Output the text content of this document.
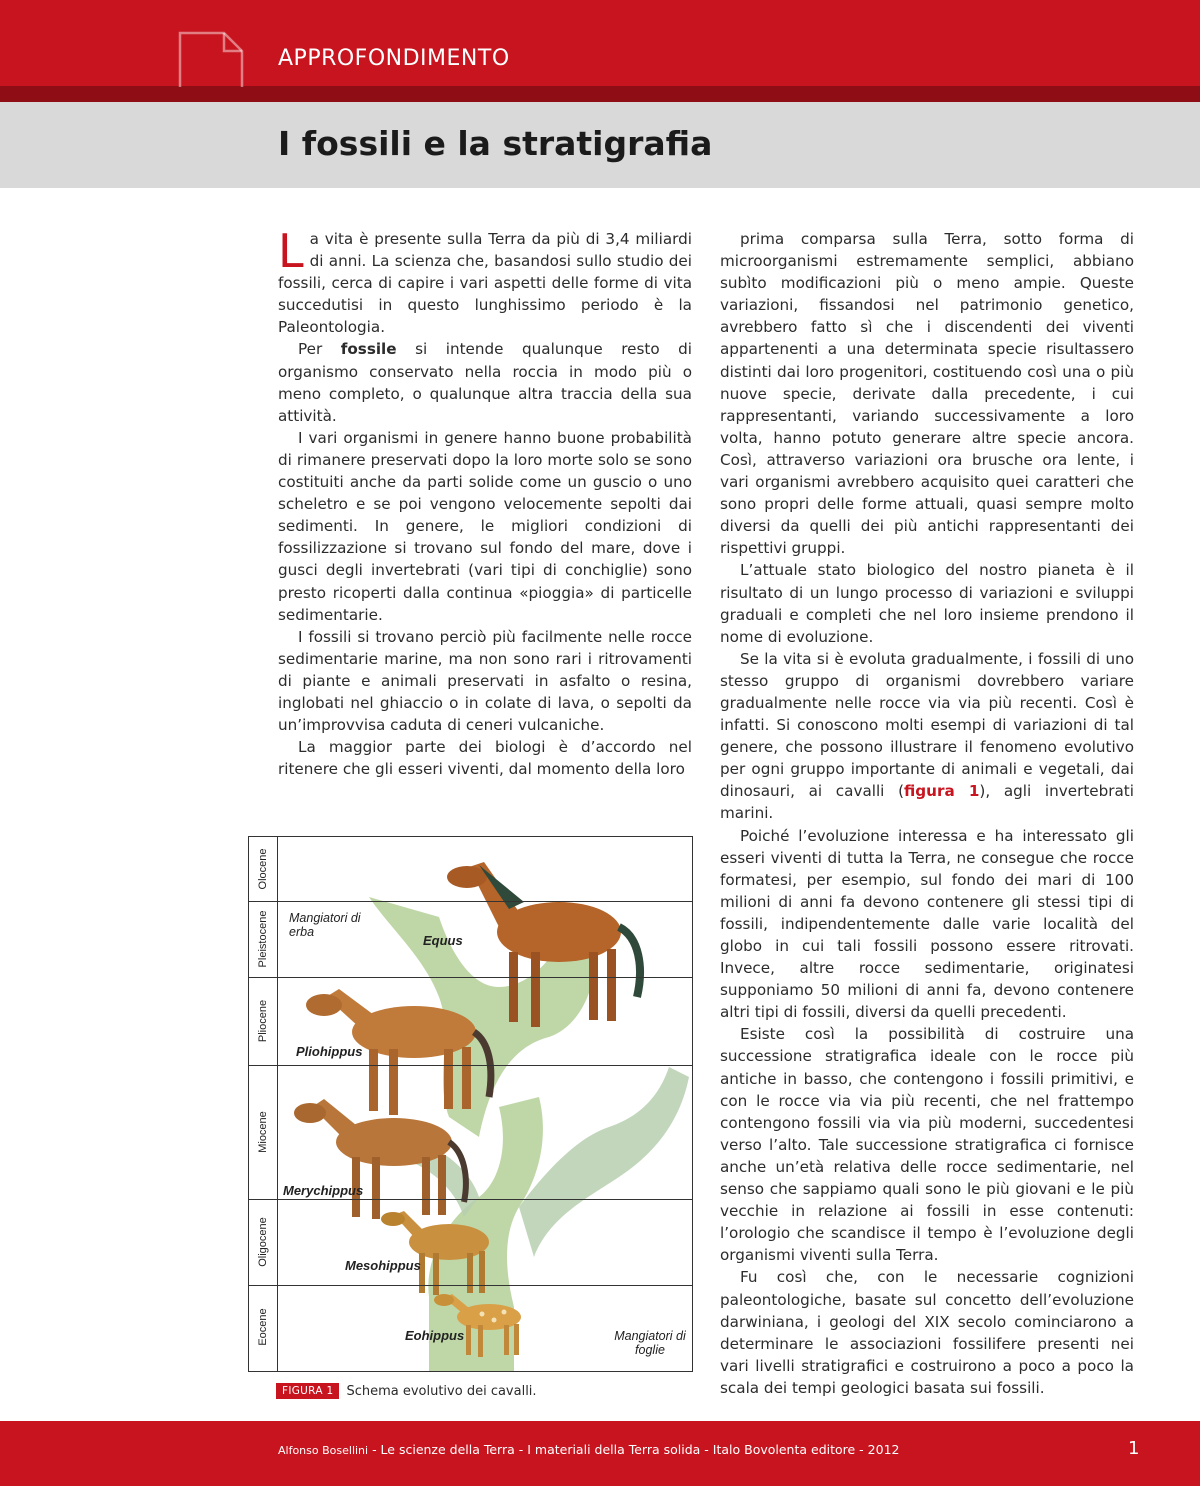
APPROFONDIMENTO
I fossili e la stratigrafia

La vita è presente sulla Terra da più di 3,4 miliardi di anni. La scienza che, basandosi sullo studio dei fossili, cerca di capire i vari aspetti delle forme di vita succedutisi in questo lunghissimo periodo è la Paleontologia.

Per fossile si intende qualunque resto di organismo conservato nella roccia in modo più o meno completo, o qualunque altra traccia della sua attività.

I vari organismi in genere hanno buone probabilità di rimanere preservati dopo la loro morte solo se sono costituiti anche da parti solide come un guscio o uno scheletro e se poi vengono velocemente sepolti dai sedimenti. In genere, le migliori condizioni di fossilizzazione si trovano sul fondo del mare, dove i gusci degli invertebrati (vari tipi di conchiglie) sono presto ricoperti dalla continua «pioggia» di particelle sedimentarie.

I fossili si trovano perciò più facilmente nelle rocce sedimentarie marine, ma non sono rari i ritrovamenti di piante e animali preservati in asfalto o resina, inglobati nel ghiaccio o in colate di lava, o sepolti da un’improvvisa caduta di ceneri vulcaniche.

La maggior parte dei biologi è d’accordo nel ritenere che gli esseri viventi, dal momento della loro

prima comparsa sulla Terra, sotto forma di microorganismi estremamente semplici, abbiano subìto modificazioni più o meno ampie. Queste variazioni, fissandosi nel patrimonio genetico, avrebbero fatto sì che i discendenti dei viventi appartenenti a una determinata specie risultassero distinti dai loro progenitori, costituendo così una o più nuove specie, derivate dalla precedente, i cui rappresentanti, variando successivamente a loro volta, hanno potuto generare altre specie ancora. Così, attraverso variazioni ora brusche ora lente, i vari organismi avrebbero acquisito quei caratteri che sono propri delle forme attuali, quasi sempre molto diversi da quelli dei più antichi rappresentanti dei rispettivi gruppi.

L’attuale stato biologico del nostro pianeta è il risultato di un lungo processo di variazioni e sviluppi graduali e completi che nel loro insieme prendono il nome di evoluzione.

Se la vita si è evoluta gradualmente, i fossili di uno stesso gruppo di organismi dovrebbero variare gradualmente nelle rocce via via più recenti. Così è infatti. Si conoscono molti esempi di variazioni di tal genere, che possono illustrare il fenomeno evolutivo per ogni gruppo importante di animali e vegetali, dai dinosauri, ai cavalli (figura 1), agli invertebrati marini.

Poiché l’evoluzione interessa e ha interessato gli esseri viventi di tutta la Terra, ne consegue che rocce formatesi, per esempio, sul fondo dei mari di 100 milioni di anni fa devono contenere gli stessi tipi di fossili, indipendentemente dalle varie località del globo in cui tali fossili possono essere ritrovati. Invece, altre rocce sedimentarie, originatesi supponiamo 50 milioni di anni fa, devono contenere altri tipi di fossili, diversi da quelli precedenti.

Esiste così la possibilità di costruire una successione stratigrafica ideale con le rocce più antiche in basso, che contengono i fossili primitivi, e con le rocce via via più recenti, che nel frattempo contengono fossili via via più moderni, succedentesi verso l’alto. Tale successione stratigrafica ci fornisce anche un’età relativa delle rocce sedimentarie, nel senso che sappiamo quali sono le più giovani e le più vecchie in relazione ai fossili in esse contenuti: l’orologio che scandisce il tempo è l’evoluzione degli organismi viventi sulla Terra.

Fu così che, con le necessarie cognizioni paleontologiche, basate sul concetto dell’evoluzione darwiniana, i geologi del XIX secolo cominciarono a determinare le associazioni fossilifere presenti nei vari livelli stratigrafici e costruirono a poco a poco la scala dei tempi geologici basata sui fossili.

Olocene
Pleistocene
Pliocene
Miocene
Oligocene
Eocene
Mangiatori di erba
Equus
Pliohippus
Merychippus
Mesohippus
Eohippus	Mangiatori di foglie
FIGURA 1	Schema evolutivo dei cavalli.
Alfonso Bosellini - Le scienze della Terra - I materiali della Terra solida - Italo Bovolenta editore - 2012	1
